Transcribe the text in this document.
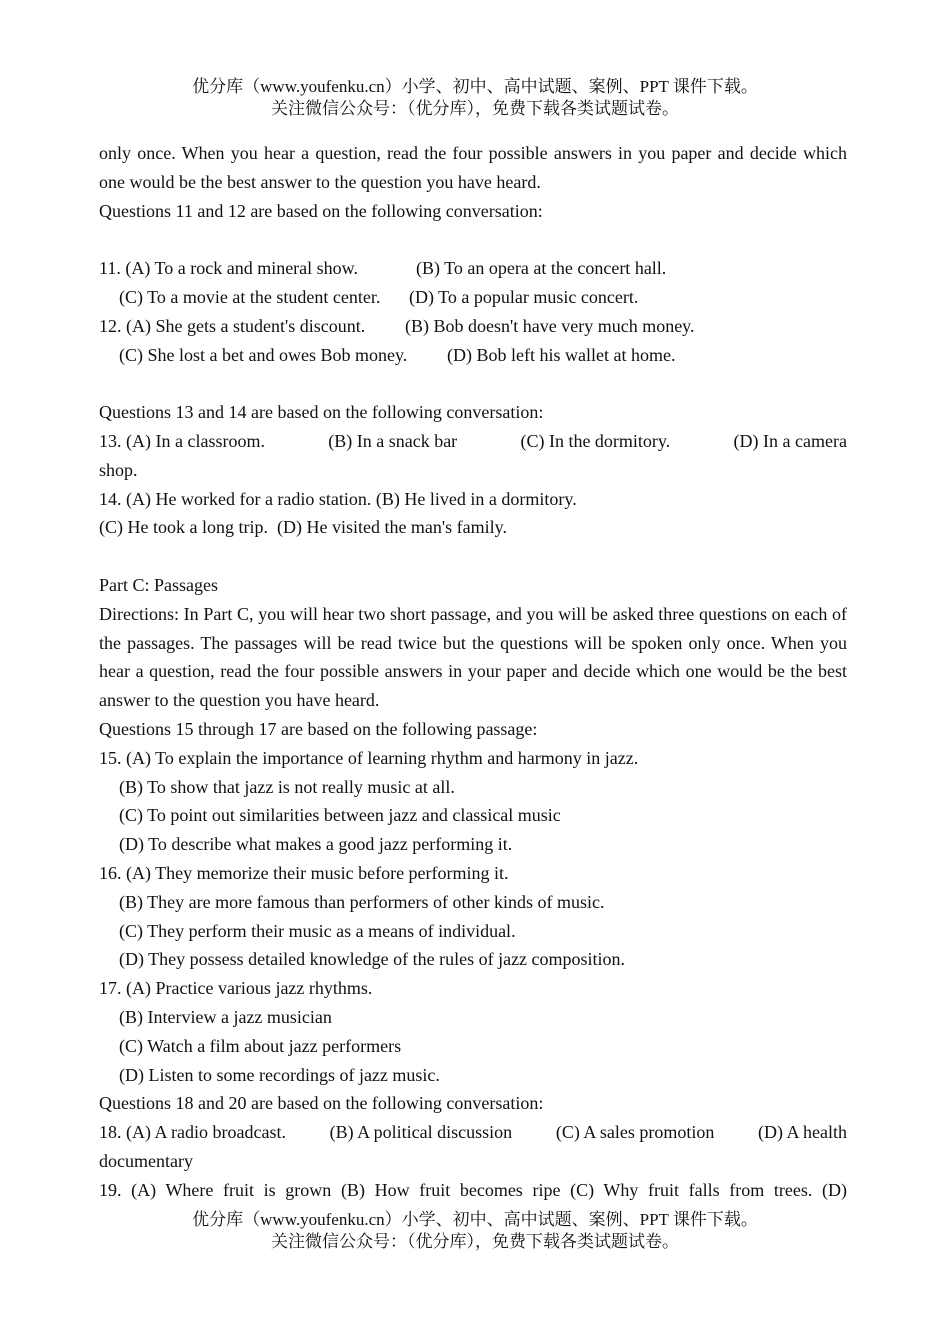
优分库（www.youfenku.cn）小学、初中、高中试题、案例、PPT 课件下载。
关注微信公众号：（优分库），免费下载各类试题试卷。

only once. When you hear a question, read the four possible answers in you paper and decide which one would be the best answer to the question you have heard.

Questions 11 and 12 are based on the following conversation:

11. (A) To a rock and mineral show.	(B) To an opera at the concert hall.
(C) To a movie at the student center.	(D) To a popular music concert.
12. (A) She gets a student's discount.	(B) Bob doesn't have very much money.
(C) She lost a bet and owes Bob money.	(D) Bob left his wallet at home.

Questions 13 and 14 are based on the following conversation:

13. (A) In a classroom.	(B) In a snack bar	(C) In the dormitory.	(D) In a camera

shop.

14. (A) He worked for a radio station. (B) He lived in a dormitory.

(C) He took a long trip.  (D) He visited the man's family.

Part C: Passages

Directions: In Part C, you will hear two short passage, and you will be asked three questions on each of the passages. The passages will be read twice but the questions will be spoken only once. When you hear a question, read the four possible answers in your paper and decide which one would be the best answer to the question you have heard.

Questions 15 through 17 are based on the following passage:

15. (A) To explain the importance of learning rhythm and harmony in jazz.

(B) To show that jazz is not really music at all.

(C) To point out similarities between jazz and classical music

(D) To describe what makes a good jazz performing it.

16. (A) They memorize their music before performing it.

(B) They are more famous than performers of other kinds of music.

(C) They perform their music as a means of individual.

(D) They possess detailed knowledge of the rules of jazz composition.

17. (A) Practice various jazz rhythms.

(B) Interview a jazz musician

(C) Watch a film about jazz performers

(D) Listen to some recordings of jazz music.

Questions 18 and 20 are based on the following conversation:

18. (A) A radio broadcast. (B) A political discussion (C) A sales promotion (D) A health

documentary

19. (A) Where fruit is grown (B) How fruit becomes ripe (C) Why fruit falls from trees. (D)
优分库（www.youfenku.cn）小学、初中、高中试题、案例、PPT 课件下载。
关注微信公众号：（优分库），免费下载各类试题试卷。
